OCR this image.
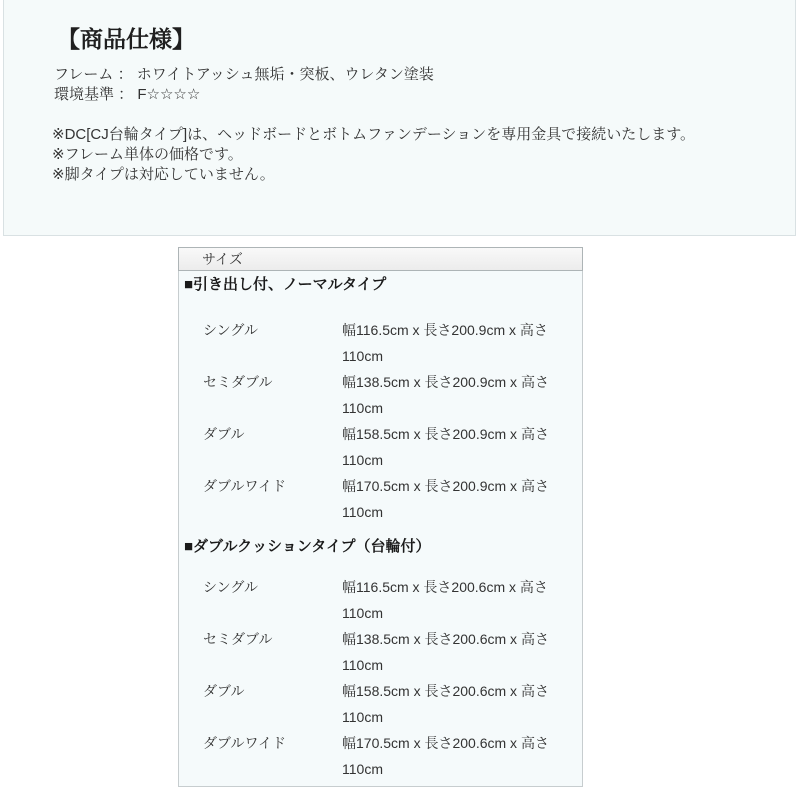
【商品仕様】
フレーム ： ホワイトアッシュ無垢・突板、ウレタン塗装
環境基準 ： F☆☆☆☆
※DC[CJ台輪タイプ]は、ヘッドボードとボトムファンデーションを専用金具で接続いたします。
※フレーム単体の価格です。
※脚タイプは対応していません。
サイズ
■引き出し付、ノーマルタイプ
シングル	幅116.5cm x 長さ200.9cm x 高さ
110cm
セミダブル	幅138.5cm x 長さ200.9cm x 高さ
110cm
ダブル	幅158.5cm x 長さ200.9cm x 高さ
110cm
ダブルワイド	幅170.5cm x 長さ200.9cm x 高さ
110cm
■ダブルクッションタイプ（台輪付）
シングル	幅116.5cm x 長さ200.6cm x 高さ
110cm
セミダブル	幅138.5cm x 長さ200.6cm x 高さ
110cm
ダブル	幅158.5cm x 長さ200.6cm x 高さ
110cm
ダブルワイド	幅170.5cm x 長さ200.6cm x 高さ
110cm
